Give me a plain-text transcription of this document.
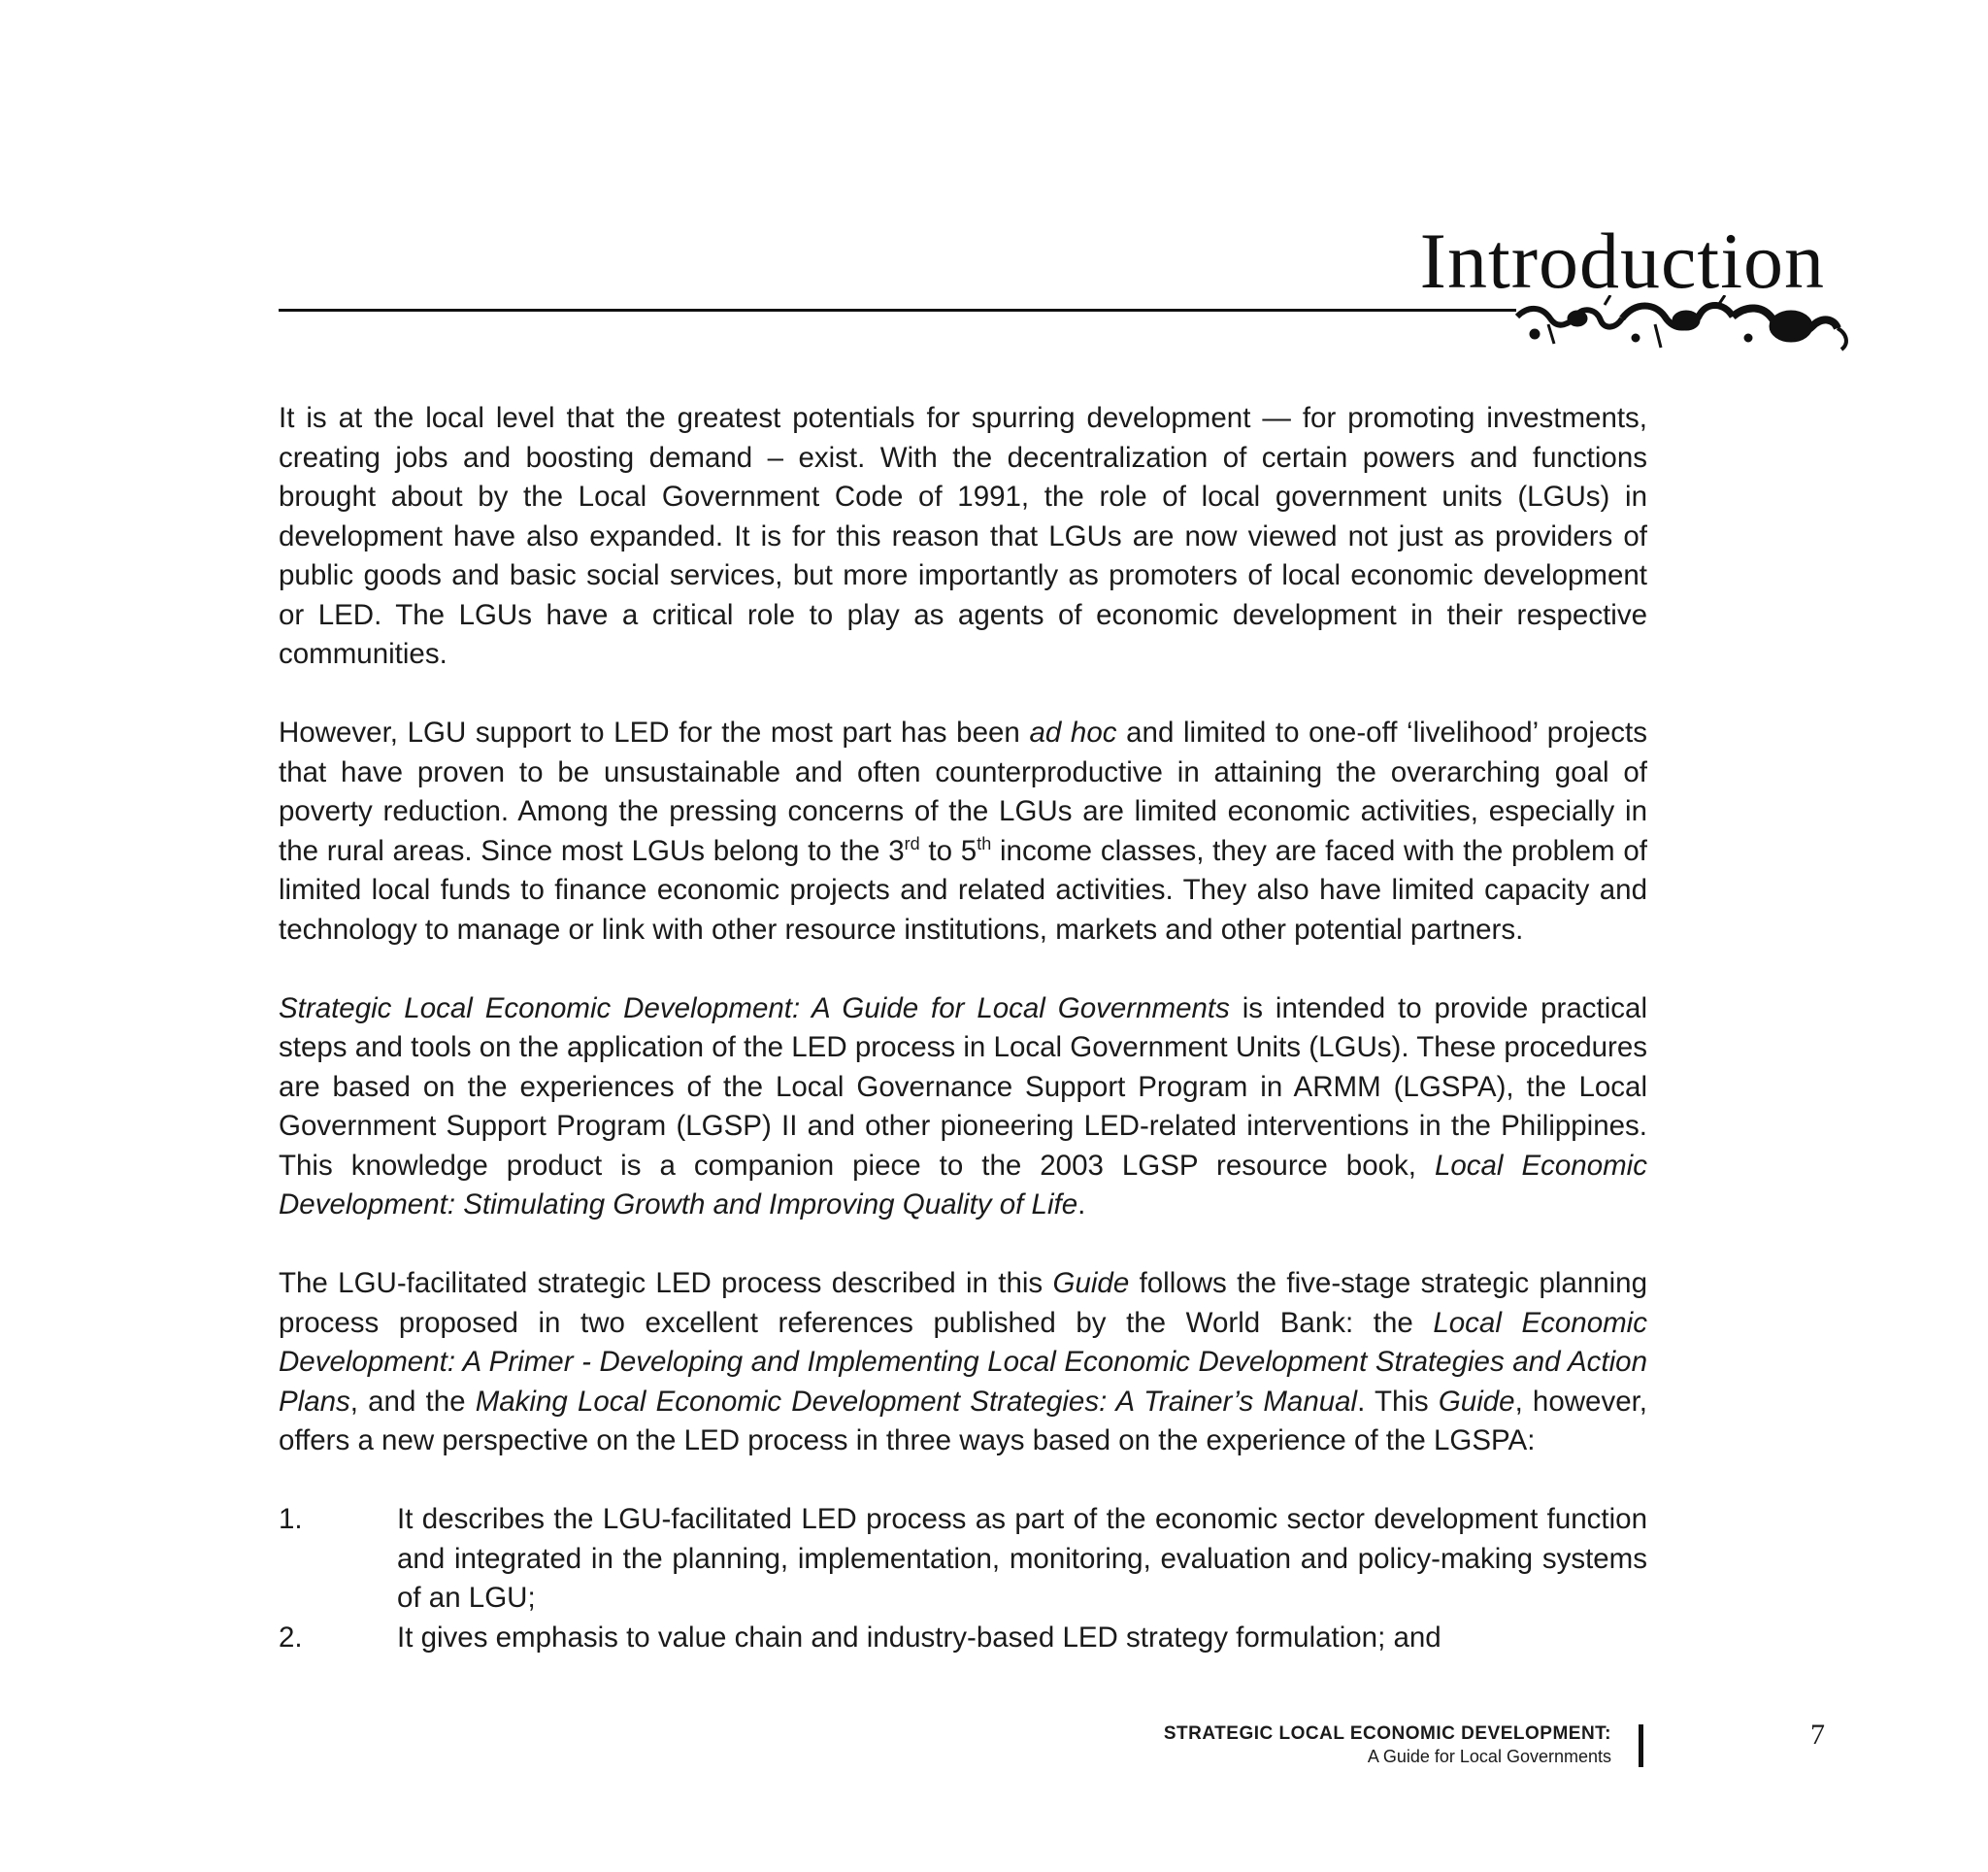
Introduction

It is at the local level that the greatest potentials for spurring development — for promoting investments, creating jobs and boosting demand – exist. With the decentralization of certain powers and functions brought about by the Local Government Code of 1991, the role of local government units (LGUs) in development have also expanded. It is for this reason that LGUs are now viewed not just as providers of public goods and basic social services, but more importantly as promoters of local economic development or LED. The LGUs have a critical role to play as agents of economic development in their respective communities.

However, LGU support to LED for the most part has been ad hoc and limited to one-off ‘livelihood’ projects that have proven to be unsustainable and often counterproductive in attaining the overarching goal of poverty reduction. Among the pressing concerns of the LGUs are limited economic activities, especially in the rural areas. Since most LGUs belong to the 3rd to 5th income classes, they are faced with the problem of limited local funds to finance economic projects and related activities. They also have limited capacity and technology to manage or link with other resource institutions, markets and other potential partners.

Strategic Local Economic Development: A Guide for Local Governments is intended to provide practical steps and tools on the application of the LED process in Local Government Units (LGUs). These procedures are based on the experiences of the Local Governance Support Program in ARMM (LGSPA), the Local Government Support Program (LGSP) II and other pioneering LED-related interventions in the Philippines. This knowledge product is a companion piece to the 2003 LGSP resource book, Local Economic Development: Stimulating Growth and Improving Quality of Life.

The LGU-facilitated strategic LED process described in this Guide follows the five-stage strategic planning process proposed in two excellent references published by the World Bank: the Local Economic Development: A Primer - Developing and Implementing Local Economic Development Strategies and Action Plans, and the Making Local Economic Development Strategies: A Trainer’s Manual. This Guide, however, offers a new perspective on the LED process in three ways based on the experience of the LGSPA:

1.	It describes the LGU-facilitated LED process as part of the economic sector development function and integrated in the planning, implementation, monitoring, evaluation and policy-making systems of an LGU;
2.	It gives emphasis to value chain and industry-based LED strategy formulation; and
STRATEGIC LOCAL ECONOMIC DEVELOPMENT:
A Guide for Local Governments
7
